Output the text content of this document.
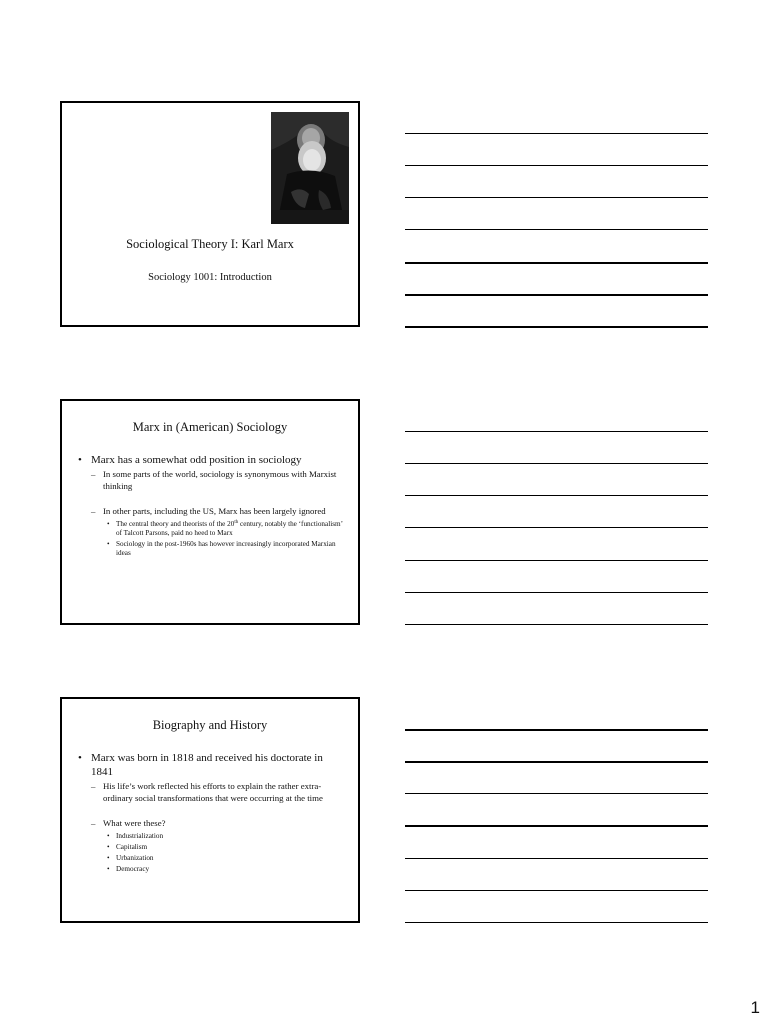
Sociological Theory I: Karl Marx
Sociology 1001: Introduction
Marx in (American) Sociology
• Marx has a somewhat odd position in sociology
– In some parts of the world, sociology is synonymous with Marxist thinking
– In other parts, including the US, Marx has been largely ignored
• The central theory and theorists of the 20th century, notably the ‘functionalism’ of Talcott Parsons, paid no heed to Marx
• Sociology in the post-1960s has however increasingly incorporated Marxian ideas
Biography and History
• Marx was born in 1818 and received his doctorate in 1841
– His life’s work reflected his efforts to explain the rather extra-ordinary social transformations that were occurring at the time
– What were these?
• Industrialization
• Capitalism
• Urbanization
• Democracy
1
